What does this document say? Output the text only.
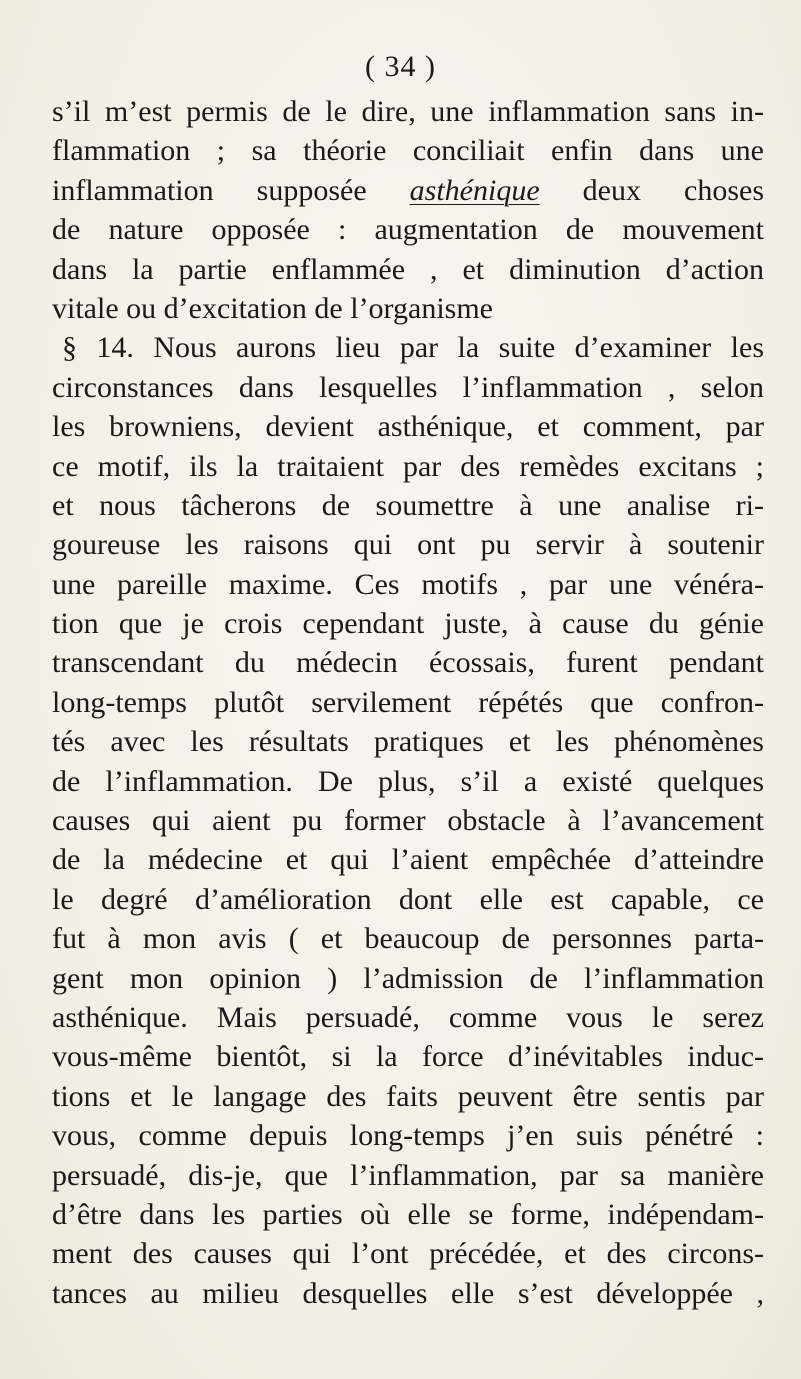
( 34 )
s’il m’est permis de le dire, une inflammation sans in-
flammation ; sa théorie conciliait enfin dans une
inflammation supposée asthénique deux choses
de nature opposée : augmentation de mouvement
dans la partie enflammée , et diminution d’action
vitale ou d’excitation de l’organisme
§ 14. Nous aurons lieu par la suite d’examiner les
circonstances dans lesquelles l’inflammation , selon
les browniens, devient asthénique, et comment, par
ce motif, ils la traitaient par des remèdes excitans ;
et nous tâcherons de soumettre à une analise ri-
goureuse les raisons qui ont pu servir à soutenir
une pareille maxime. Ces motifs , par une vénéra-
tion que je crois cependant juste, à cause du génie
transcendant du médecin écossais, furent pendant
long-temps plutôt servilement répétés que confron-
tés avec les résultats pratiques et les phénomènes
de l’inflammation. De plus, s’il a existé quelques
causes qui aient pu former obstacle à l’avancement
de la médecine et qui l’aient empêchée d’atteindre
le degré d’amélioration dont elle est capable, ce
fut à mon avis ( et beaucoup de personnes parta-
gent mon opinion ) l’admission de l’inflammation
asthénique. Mais persuadé, comme vous le serez
vous-même bientôt, si la force d’inévitables induc-
tions et le langage des faits peuvent être sentis par
vous, comme depuis long-temps j’en suis pénétré :
persuadé, dis-je, que l’inflammation, par sa manière
d’être dans les parties où elle se forme, indépendam-
ment des causes qui l’ont précédée, et des circons-
tances au milieu desquelles elle s’est développée ,
